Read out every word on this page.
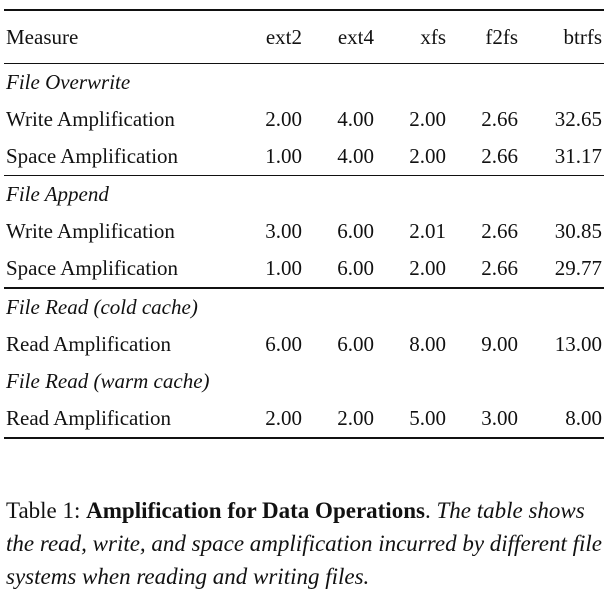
Measure	ext2	ext4	xfs	f2fs	btrfs
File Overwrite					
Write Amplification	2.00	4.00	2.00	2.66	32.65
Space Amplification	1.00	4.00	2.00	2.66	31.17
File Append					
Write Amplification	3.00	6.00	2.01	2.66	30.85
Space Amplification	1.00	6.00	2.00	2.66	29.77
File Read (cold cache)					
Read Amplification	6.00	6.00	8.00	9.00	13.00
File Read (warm cache)					
Read Amplification	2.00	2.00	5.00	3.00	8.00
Table 1: Amplification for Data Operations. The table shows the read, write, and space amplification incurred by different file systems when reading and writing files.
